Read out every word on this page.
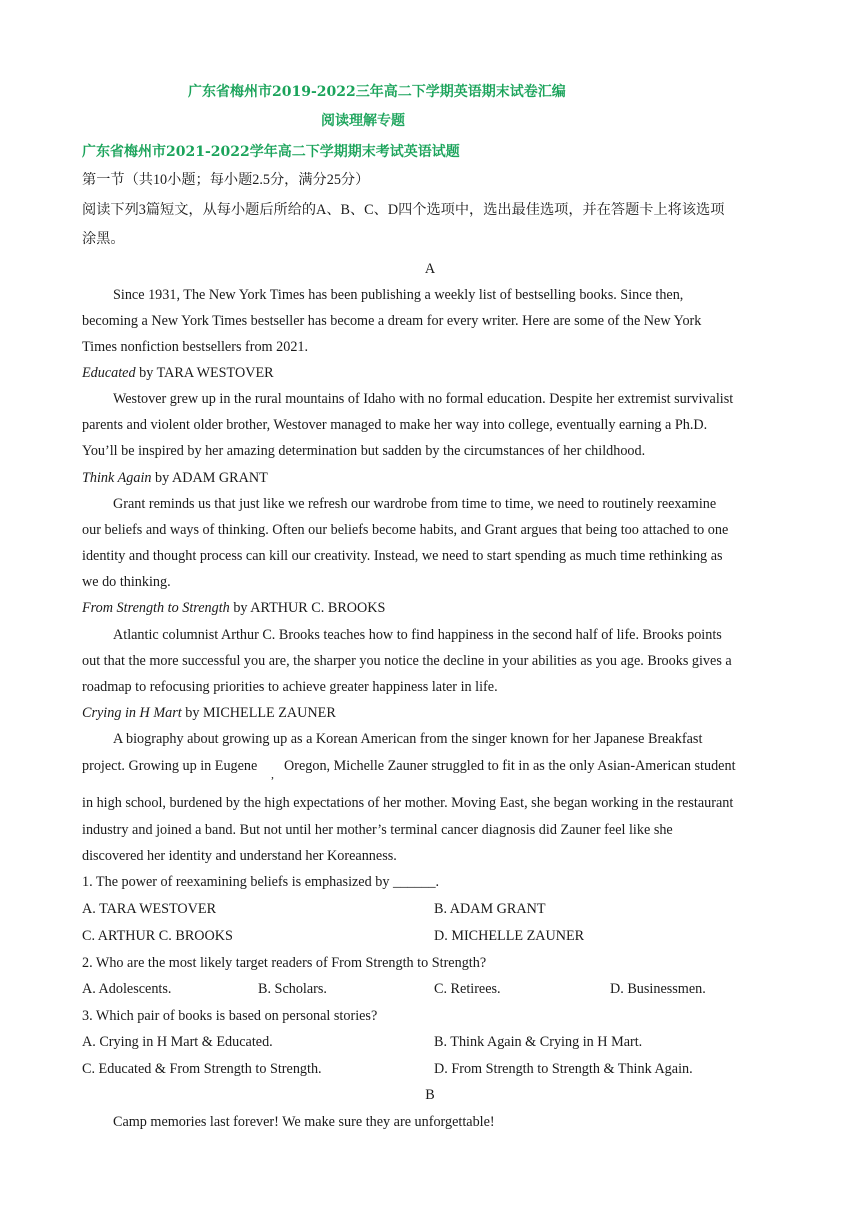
广东省梅州市2019-2022三年高二下学期英语期末试卷汇编
阅读理解专题
广东省梅州市2021-2022学年高二下学期期末考试英语试题
第一节（共10小题；每小题2.5分，满分25分）
阅读下列3篇短文，从每小题后所给的A、B、C、D四个选项中，选出最佳选项，并在答题卡上将该选项
涂黑。
A
Since 1931, The New York Times has been publishing a weekly list of bestselling books. Since then,
becoming a New York Times bestseller has become a dream for every writer. Here are some of the New York
Times nonfiction bestsellers from 2021.
Educated by TARA WESTOVER
Westover grew up in the rural mountains of Idaho with no formal education. Despite her extremist survivalist
parents and violent older brother, Westover managed to make her way into college, eventually earning a Ph.D.
You’ll be inspired by her amazing determination but sadden by the circumstances of her childhood.
Think Again by ADAM GRANT
Grant reminds us that just like we refresh our wardrobe from time to time, we need to routinely reexamine
our beliefs and ways of thinking. Often our beliefs become habits, and Grant argues that being too attached to one
identity and thought process can kill our creativity. Instead, we need to start spending as much time rethinking as
we do thinking.
From Strength to Strength by ARTHUR C. BROOKS
Atlantic columnist Arthur C. Brooks teaches how to find happiness in the second half of life. Brooks points
out that the more successful you are, the sharper you notice the decline in your abilities as you age. Brooks gives a
roadmap to refocusing priorities to achieve greater happiness later in life.
Crying in H Mart by MICHELLE ZAUNER
A biography about growing up as a Korean American from the singer known for her Japanese Breakfast
project. Growing up in Eugene , Oregon, Michelle Zauner struggled to fit in as the only Asian-American student
in high school, burdened by the high expectations of her mother. Moving East, she began working in the restaurant
industry and joined a band. But not until her mother’s terminal cancer diagnosis did Zauner feel like she
discovered her identity and understand her Koreanness.
1. The power of reexamining beliefs is emphasized by ______.
A. TARA WESTOVER	B. ADAM GRANT
C. ARTHUR C. BROOKS	D. MICHELLE ZAUNER
2. Who are the most likely target readers of From Strength to Strength?
A. Adolescents.	B. Scholars.	C. Retirees.	D. Businessmen.
3. Which pair of books is based on personal stories?
A. Crying in H Mart & Educated.	B. Think Again & Crying in H Mart.
C. Educated & From Strength to Strength.	D. From Strength to Strength & Think Again.
B
Camp memories last forever! We make sure they are unforgettable!
